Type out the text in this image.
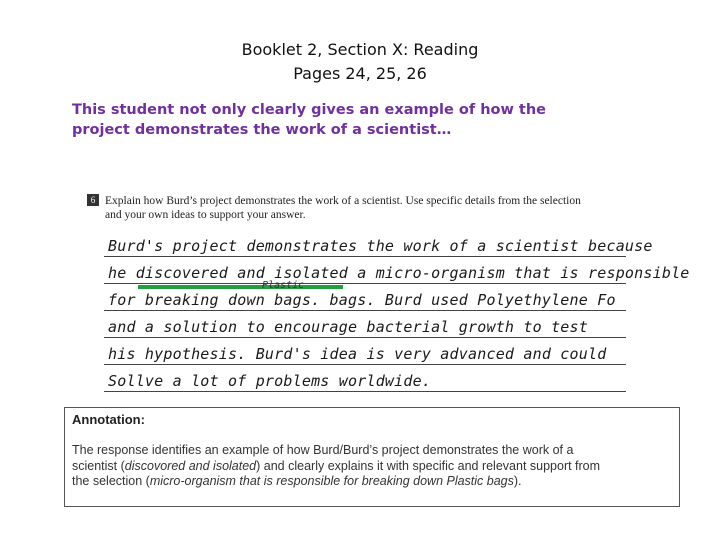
Booklet 2, Section X: Reading
Pages 24, 25, 26
This student not only clearly gives an example of how the
project demonstrates the work of a scientist…
6 Explain how Burd’s project demonstrates the work of a scientist. Use specific details from the selection
and your own ideas to support your answer.
Plastic
Burd's project demonstrates the work of a scientist because
he discovered and isolated a micro-organism that is responsible
for breaking down bags. bags. Burd used Polyethylene Fo
and a solution to encourage bacterial growth to test
his hypothesis. Burd's idea is very advanced and could
Sollve a lot of problems worldwide.
Annotation:
The response identifies an example of how Burd/Burd’s project demonstrates the work of a
scientist (discovored and isolated) and clearly explains it with specific and relevant support from
the selection (micro-organism that is responsible for breaking down Plastic bags).
